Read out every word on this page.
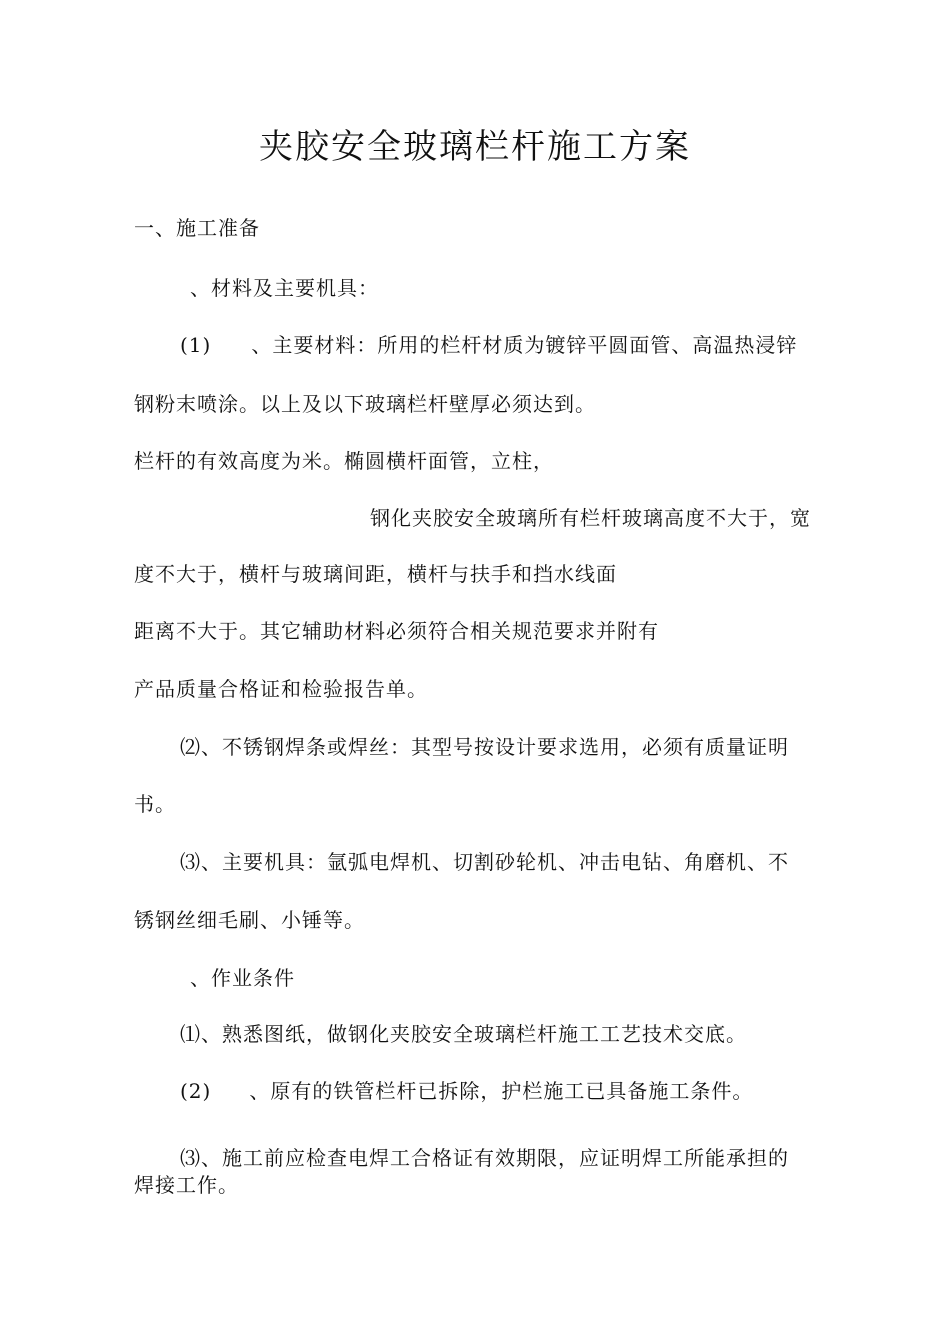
夹胶安全玻璃栏杆施工方案
一、施工准备
、材料及主要机具：
(1) 、主要材料：所用的栏杆材质为镀锌平圆面管、高温热浸锌
钢粉末喷涂。以上及以下玻璃栏杆壁厚必须达到。
栏杆的有效高度为米。椭圆横杆面管，立柱，
钢化夹胶安全玻璃所有栏杆玻璃高度不大于，宽
度不大于，横杆与玻璃间距，横杆与扶手和挡水线面
距离不大于。其它辅助材料必须符合相关规范要求并附有
产品质量合格证和检验报告单。
⑵、不锈钢焊条或焊丝：其型号按设计要求选用，必须有质量证明
书。
⑶、主要机具：氩弧电焊机、切割砂轮机、冲击电钻、角磨机、不
锈钢丝细毛刷、小锤等。
、作业条件
⑴、熟悉图纸，做钢化夹胶安全玻璃栏杆施工工艺技术交底。
(2) 、原有的铁管栏杆已拆除，护栏施工已具备施工条件。
⑶、施工前应检查电焊工合格证有效期限，应证明焊工所能承担的
焊接工作。
